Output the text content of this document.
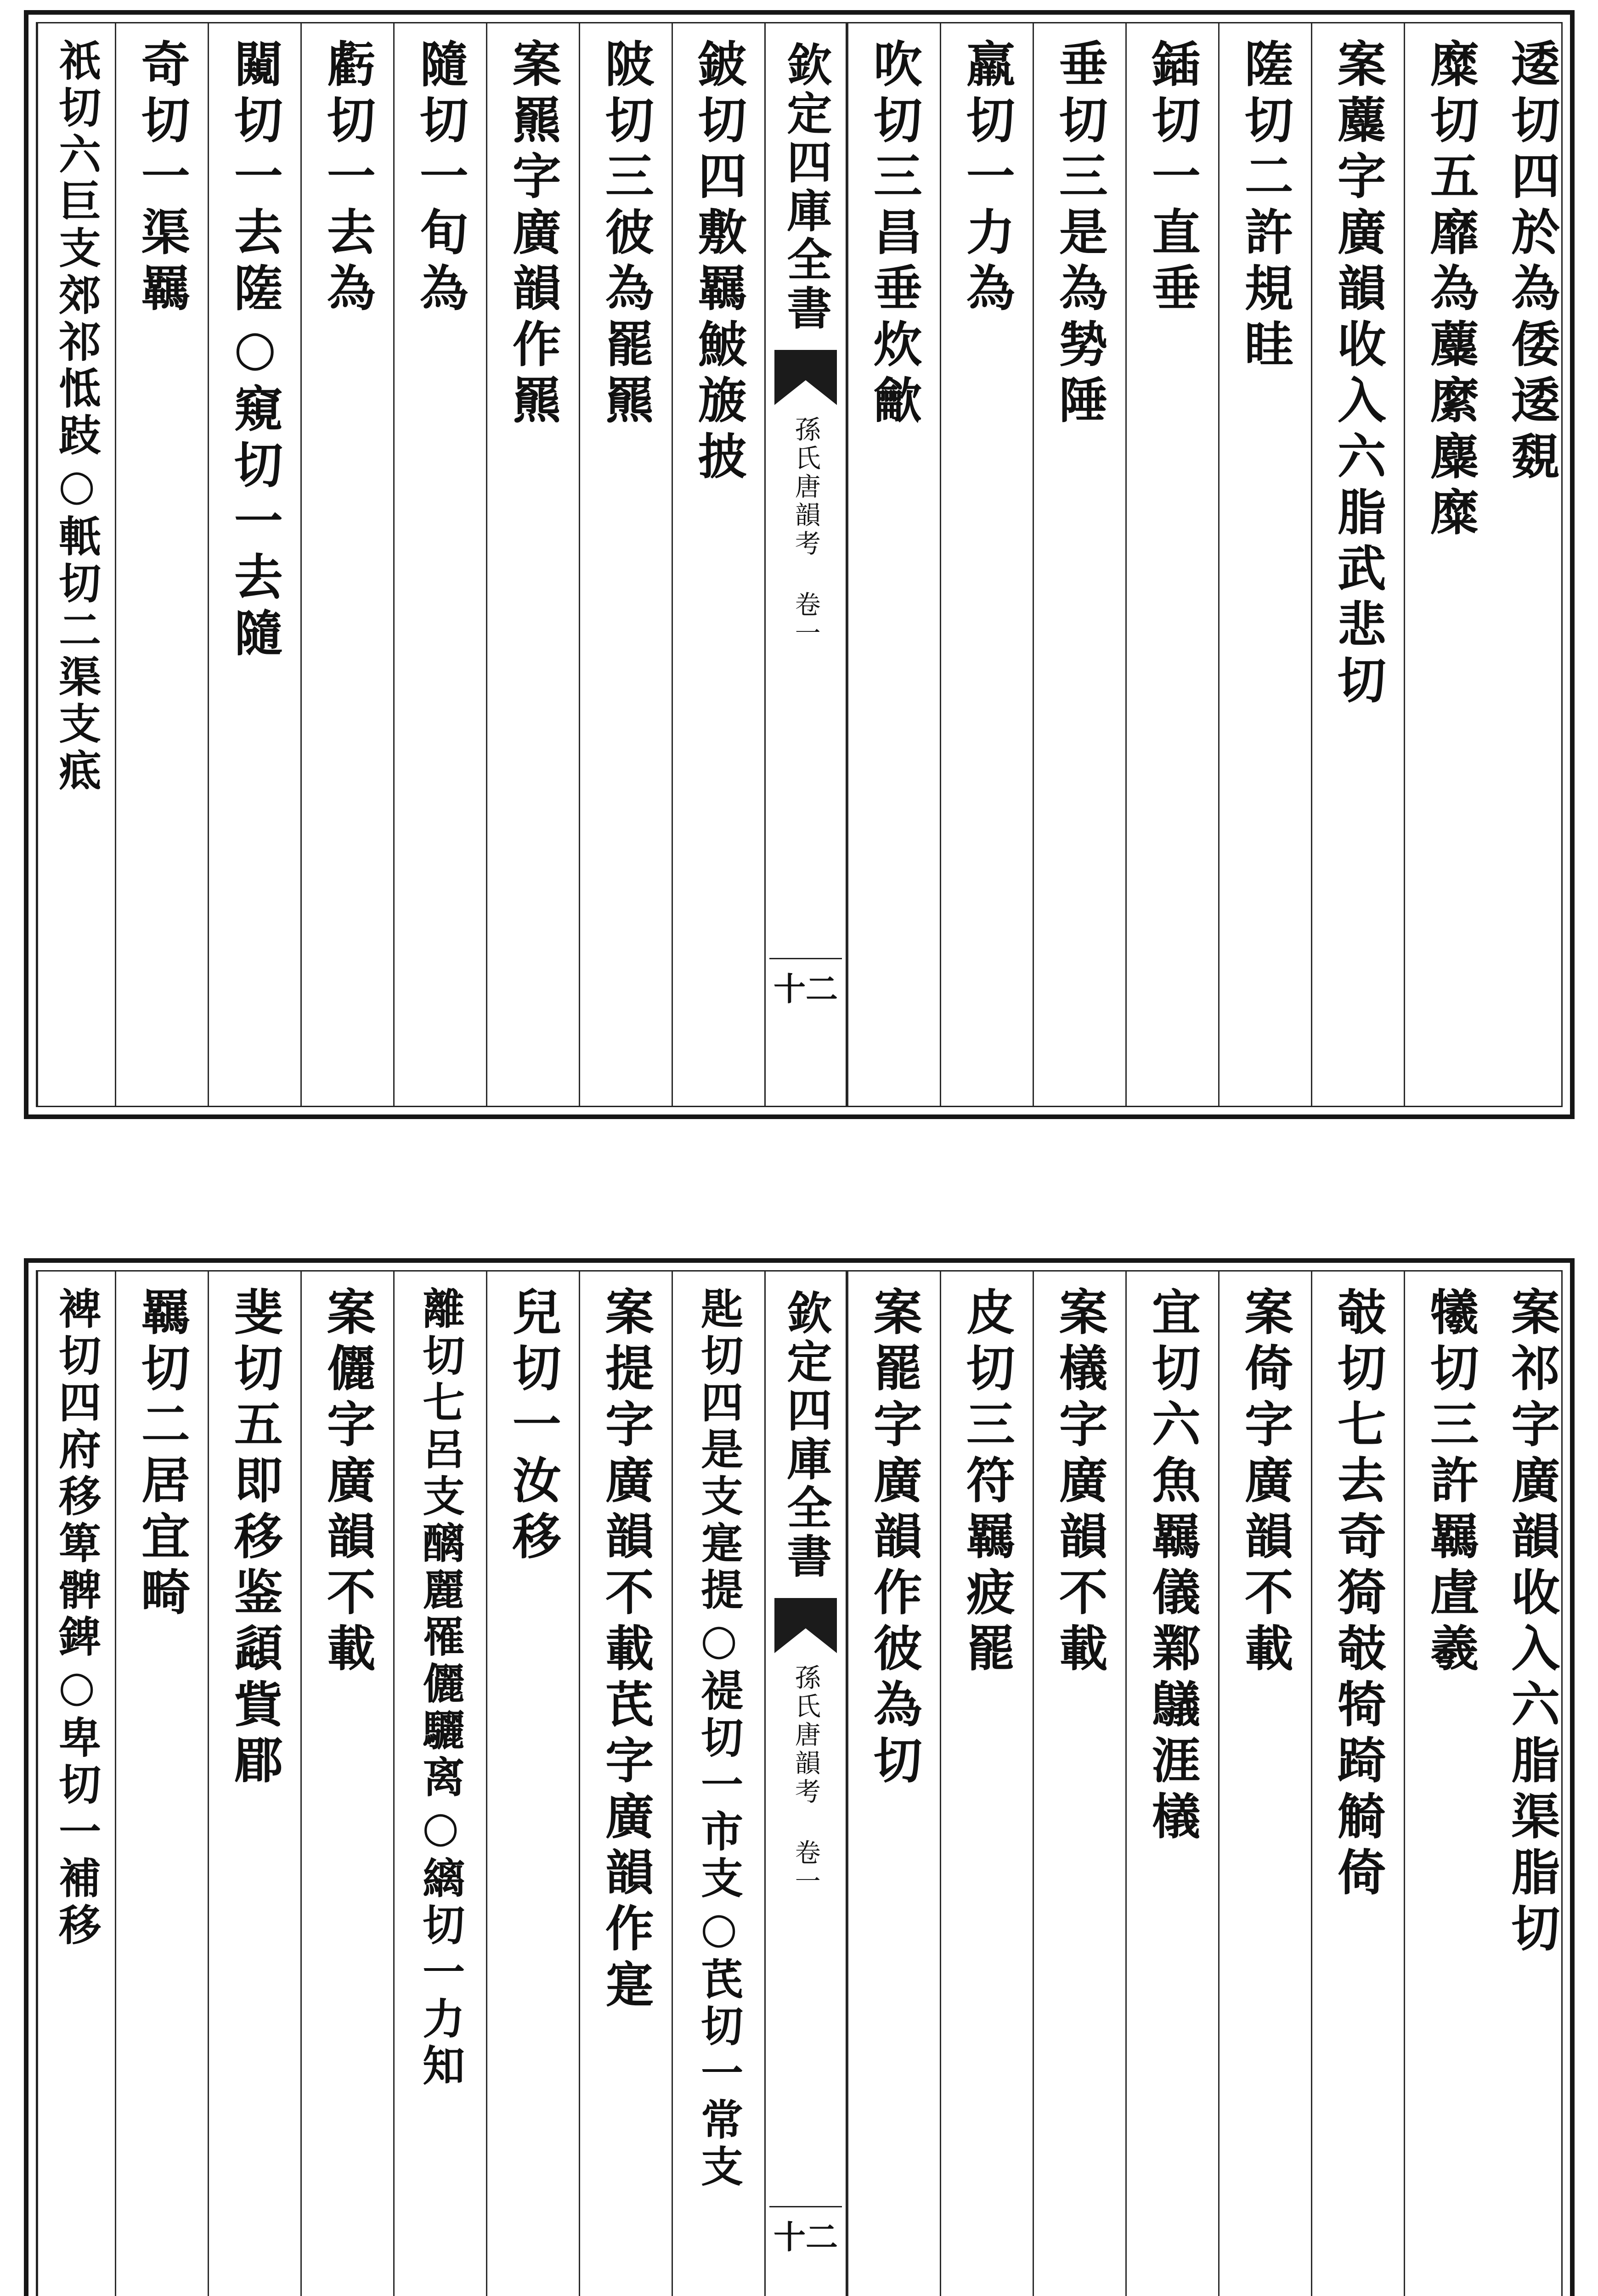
逶切四於為倭逶覣
糜切五靡為蘪縻麋糜
案蘪字廣韻收入六脂武悲切
隓切二許規眭
鍤切一直垂
垂切三是為㔟陲
羸切一力為
吹切三昌垂炊龡
欽定四庫全書
孫氏唐韻考 卷一
十二
鈹切四敷羈鮍旇披
陂切三彼為罷羆
案羆字廣韻作羆
隨切一旬為
虧切一去為
闚切一去隓○窺切一去隨
奇切一渠羈
祇切六巨支郊祁怟跂○軝切二渠支疷
案祁字廣韻收入六脂渠脂切
犧切三許羈虘羲
攲切七去奇猗攲犄踦觭倚
案倚字廣韻不載
宜切六魚羈儀鄴鸃涯檥
案檥字廣韻不載
皮切三符羈疲罷
案罷字廣韻作彼為切
欽定四庫全書
孫氏唐韻考 卷一
十二
匙切四是支寔提○禔切一市支○芪切一常支
案提字廣韻不載芪字廣韻作寔
兒切一汝移
離切七呂支醨麗罹儷驪离○縭切一力知
案儷字廣韻不載
斐切五即移鉴頿貲郿
羈切二居宜畸
裨切四府移箄髀錍○卑切一補移
